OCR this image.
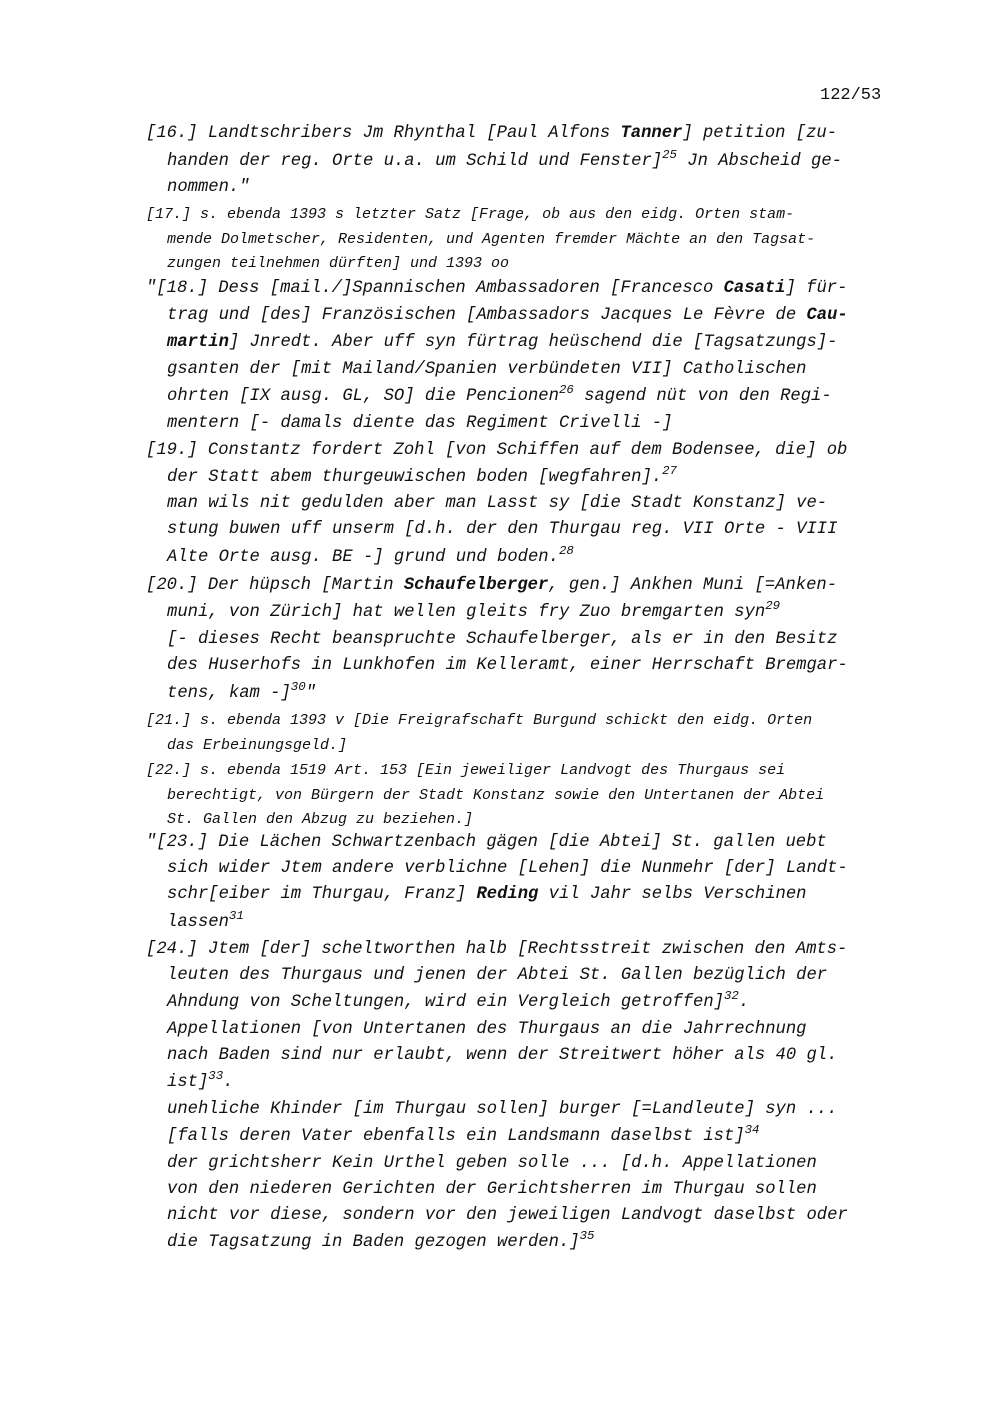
122/53
[16.] Landtschribers Jm Rhynthal [Paul Alfons Tanner] petition [zu-
handen der reg. Orte u.a. um Schild und Fenster]$^{25}$ Jn Abscheid ge-
nommen."
[17.] s. ebenda 1393 s letzter Satz [Frage, ob aus den eidg. Orten stam-
mende Dolmetscher, Residenten, und Agenten fremder Mächte an den Tagsat-
zungen teilnehmen dürften] und 1393 oo
"[18.] Dess [mail./]Spannischen Ambassadoren [Francesco Casati] für-
trag und [des] Französischen [Ambassadors Jacques Le Fèvre de Cau-
martin] Jnredt. Aber uff syn fürtrag heüschend die [Tagsatzungs]-
gsanten der [mit Mailand/Spanien verbündeten VII] Catholischen
ohrten [IX ausg. GL, SO] die Pencionen$^{26}$ sagend nüt von den Regi-
mentern [- damals diente das Regiment Crivelli -]
[19.] Constantz fordert Zohl [von Schiffen auf dem Bodensee, die] ob
der Statt abem thurgeuwischen boden [wegfahren].$^{27}$
man wils nit gedulden aber man Lasst sy [die Stadt Konstanz] ve-
stung buwen uff unserm [d.h. der den Thurgau reg. VII Orte - VIII
Alte Orte ausg. BE -] grund und boden.$^{28}$
[20.] Der hüpsch [Martin Schaufelberger, gen.] Ankhen Muni [=Anken-
muni, von Zürich] hat wellen gleits fry Zuo bremgarten syn$^{29}$
[- dieses Recht beanspruchte Schaufelberger, als er in den Besitz
des Huserhofs in Lunkhofen im Kelleramt, einer Herrschaft Bremgar-
tens, kam -]$^{30}$"
[21.] s. ebenda 1393 v [Die Freigrafschaft Burgund schickt den eidg. Orten
das Erbeinungsgeld.]
[22.] s. ebenda 1519 Art. 153 [Ein jeweiliger Landvogt des Thurgaus sei
berechtigt, von Bürgern der Stadt Konstanz sowie den Untertanen der Abtei
St. Gallen den Abzug zu beziehen.]
"[23.] Die Lächen Schwartzenbach gägen [die Abtei] St. gallen uebt
sich wider Jtem andere verblichne [Lehen] die Nunmehr [der] Landt-
schr[eiber im Thurgau, Franz] Reding vil Jahr selbs Verschinen
lassen$^{31}$
[24.] Jtem [der] scheltworthen halb [Rechtsstreit zwischen den Amts-
leuten des Thurgaus und jenen der Abtei St. Gallen bezüglich der
Ahndung von Scheltungen, wird ein Vergleich getroffen]$^{32}$.
Appellationen [von Untertanen des Thurgaus an die Jahrrechnung
nach Baden sind nur erlaubt, wenn der Streitwert höher als 40 gl.
ist]$^{33}$.
unehliche Khinder [im Thurgau sollen] burger [=Landleute] syn ...
[falls deren Vater ebenfalls ein Landsmann daselbst ist]$^{34}$
der grichtsherr Kein Urthel geben solle ... [d.h. Appellationen
von den niederen Gerichten der Gerichtsherren im Thurgau sollen
nicht vor diese, sondern vor den jeweiligen Landvogt daselbst oder
die Tagsatzung in Baden gezogen werden.]$^{35}$
